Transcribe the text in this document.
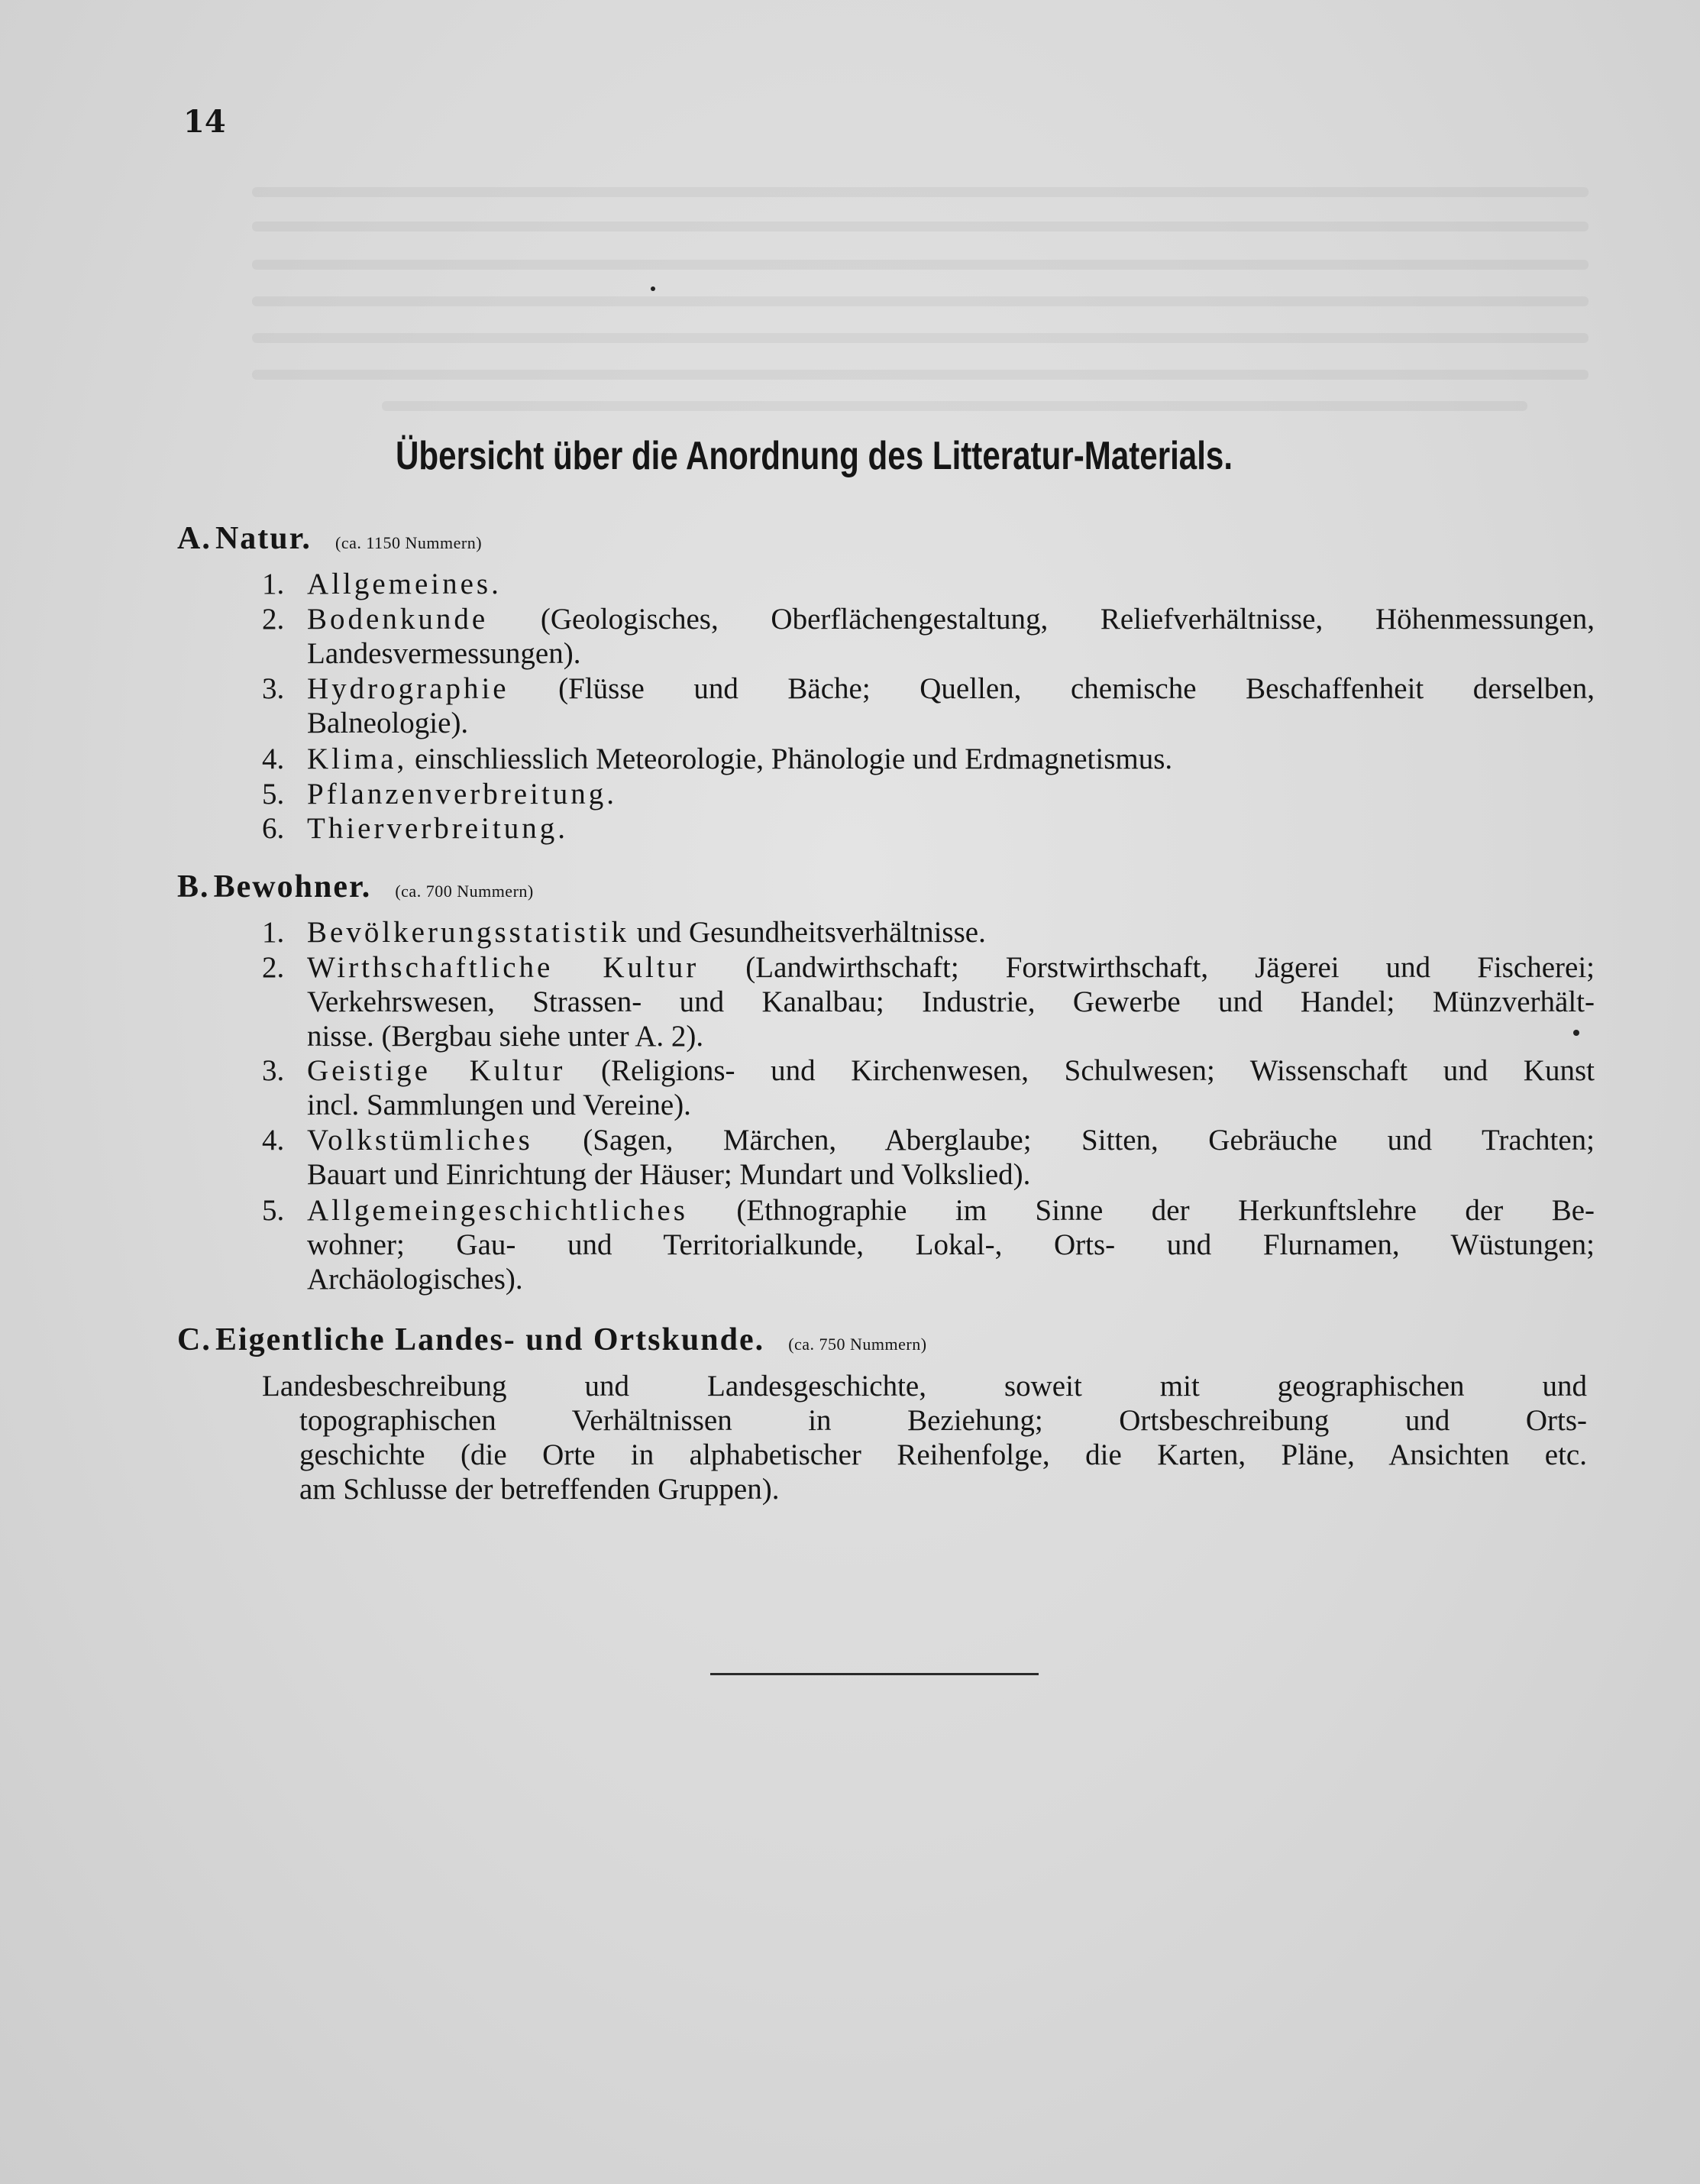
14
Übersicht über die Anordnung des Litteratur-Materials.
A. Natur. (ca. 1150 Nummern)
1. Allgemeines.
2. Bodenkunde (Geologisches, Oberflächengestaltung, Reliefverhältnisse, Höhenmessungen,
Landesvermessungen).
3. Hydrographie (Flüsse und Bäche; Quellen, chemische Beschaffenheit derselben,
Balneologie).
4. Klima, einschliesslich Meteorologie, Phänologie und Erdmagnetismus.
5. Pflanzenverbreitung.
6. Thierverbreitung.
B. Bewohner. (ca. 700 Nummern)
1. Bevölkerungsstatistik und Gesundheitsverhältnisse.
2. Wirthschaftliche Kultur (Landwirthschaft; Forstwirthschaft, Jägerei und Fischerei;
Verkehrswesen, Strassen- und Kanalbau; Industrie, Gewerbe und Handel; Münzverhält-
nisse. (Bergbau siehe unter A. 2).
3. Geistige Kultur (Religions- und Kirchenwesen, Schulwesen; Wissenschaft und Kunst
incl. Sammlungen und Vereine).
4. Volkstümliches (Sagen, Märchen, Aberglaube; Sitten, Gebräuche und Trachten;
Bauart und Einrichtung der Häuser; Mundart und Volkslied).
5. Allgemeingeschichtliches (Ethnographie im Sinne der Herkunftslehre der Be-
wohner; Gau- und Territorialkunde, Lokal-, Orts- und Flurnamen, Wüstungen;
Archäologisches).
C. Eigentliche Landes- und Ortskunde. (ca. 750 Nummern)
Landesbeschreibung und Landesgeschichte, soweit mit geographischen und
topographischen Verhältnissen in Beziehung; Ortsbeschreibung und Orts-
geschichte (die Orte in alphabetischer Reihenfolge, die Karten, Pläne, Ansichten etc.
am Schlusse der betreffenden Gruppen).
